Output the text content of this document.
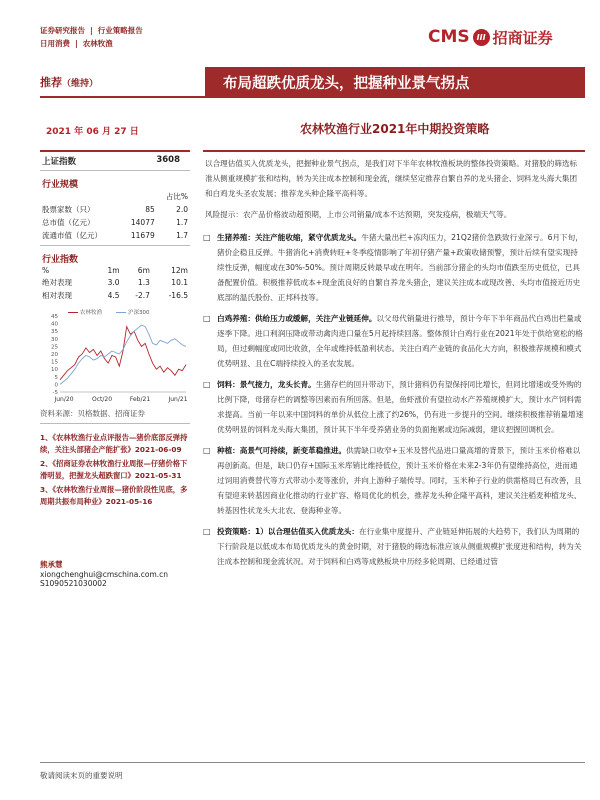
证券研究报告 | 行业策略报告
日用消费 | 农林牧渔	CMS III 招商证券
推荐（维持）	布局超跌优质龙头，把握种业景气拐点
2021 年 06 月 27 日	农林牧渔行业2021年中期投资策略
上证指数	3608
行业规模
		占比%
股票家数（只）	85	2.0
总市值（亿元）	14077	1.7
流通市值（亿元）	11679	1.7
行业指数
%	1m	6m	12m
绝对表现	3.0	1.3	10.1
相对表现	4.5	-2.7	-16.5
-5
0
5
10
15
20
25
30
35
40
45
Jun/20	Oct/20	Feb/21	Jun/21
农林牧渔	沪深300
资料来源：贝格数据、招商证券

1、《农林牧渔行业点评报告—猪价底部反弹持续，关注头部猪企产能扩张》2021-06-09

2、《招商证券农林牧渔行业周报—仔猪价格下滑明显，把握龙头超跌窗口》2021-05-31

3、《农林牧渔行业周报—猪价阶段性见底，多周期共振布局种业》2021-05-16

熊承慧
xiongchenghui@cmschina.com.cn
S1090521030002
以合理估值买入优质龙头，把握种业景气拐点，是我们对下半年农林牧渔板块的整体投资策略。对猪股的筛选标准从侧重规模扩张和结构，转为关注成本控制和现金流，继续坚定推荐自繁自养的龙头猪企、饲料龙头海大集团和白鸡龙头圣农发展；推荐龙头种企隆平高科等。
风险提示：农产品价格波动超预期，上市公司销量/成本不达预期，突发疫病，极端天气等。
□ 生猪养殖：关注产能收缩，紧守优质龙头。牛猪大量出栏+冻肉压力，21Q2猪价急跌致行业深亏。6月下旬，猪价企稳且反弹。牛猪消化+消费转旺+冬季疫情影响了年初仔猪产量+政策收储预警，预计后续有望实现持续性反弹，幅度或在30%-50%。预计周期反转最早或在明年。当前部分猪企的头均市值跌至历史低位，已具备配置价值。积极推荐低成本+现金流良好的自繁自养龙头猪企，建议关注成本或现改善、头均市值接近历史底部的温氏股份、正邦科技等。
□ 白鸡养殖：供给压力或缓解，关注产业链延伸。以父母代销量进行推导，预计今年下半年商品代白鸡出栏量或逐季下降。进口利润压降或带动禽肉进口量在5月起持续回落。整体预计白鸡行业在2021年处于供给宽松的格局，但过剩幅度或同比收敛，全年或维持低盈利状态。关注白鸡产业链的食品化大方向，积极推荐规模和模式优势明显、且在C端持续投入的圣农发展。
□ 饲料：景气接力，龙头长青。生猪存栏的回升带动下，预计猪料仍有望保持同比增长，但同比增速或受外购的比例下降，母猪存栏的调整等因素而有所回落。但是，鱼虾涨价有望拉动水产养殖规模扩大，预计水产饲料需求提高。当前一年以来中国饲料的单价从低位上涨了约26%，仍有进一步提升的空间。继续积极推荐销量增速优势明显的饲料龙头海大集团，预计其下半年受养猪业务的负面拖累或边际减弱，建议把握回调机会。
□ 种植：高景气可持续，新变革稳推进。供需缺口收窄+玉米及替代品进口量高增的背景下，预计玉米价格难以再创新高。但是，缺口仍存+国际玉米库销比维持低位，预计玉米价格在未来2-3年仍有望维持高位，进而通过饲用消费替代等方式带动小麦等涨价，并向上游种子端传导。同时，玉米种子行业的供需格局已有改善，且有望迎来转基因商业化推动的行业扩容、格局优化的机会，推荐龙头种企隆平高科，建议关注稻麦种植龙头、转基因性状龙头大北农、登海种业等。
□ 投资策略：1）以合理估值买入优质龙头：在行业集中度提升、产业链延伸拓展的大趋势下，我们认为周期的下行阶段是以低成本布局优质龙头的黄金时期，对于猪股的筛选标准应该从侧重规模扩张度进和结构，转为关注成本控制和现金流状况。对于饲料和白鸡等成熟板块中历经多轮周期、已经通过管
敬请阅读末页的重要说明
